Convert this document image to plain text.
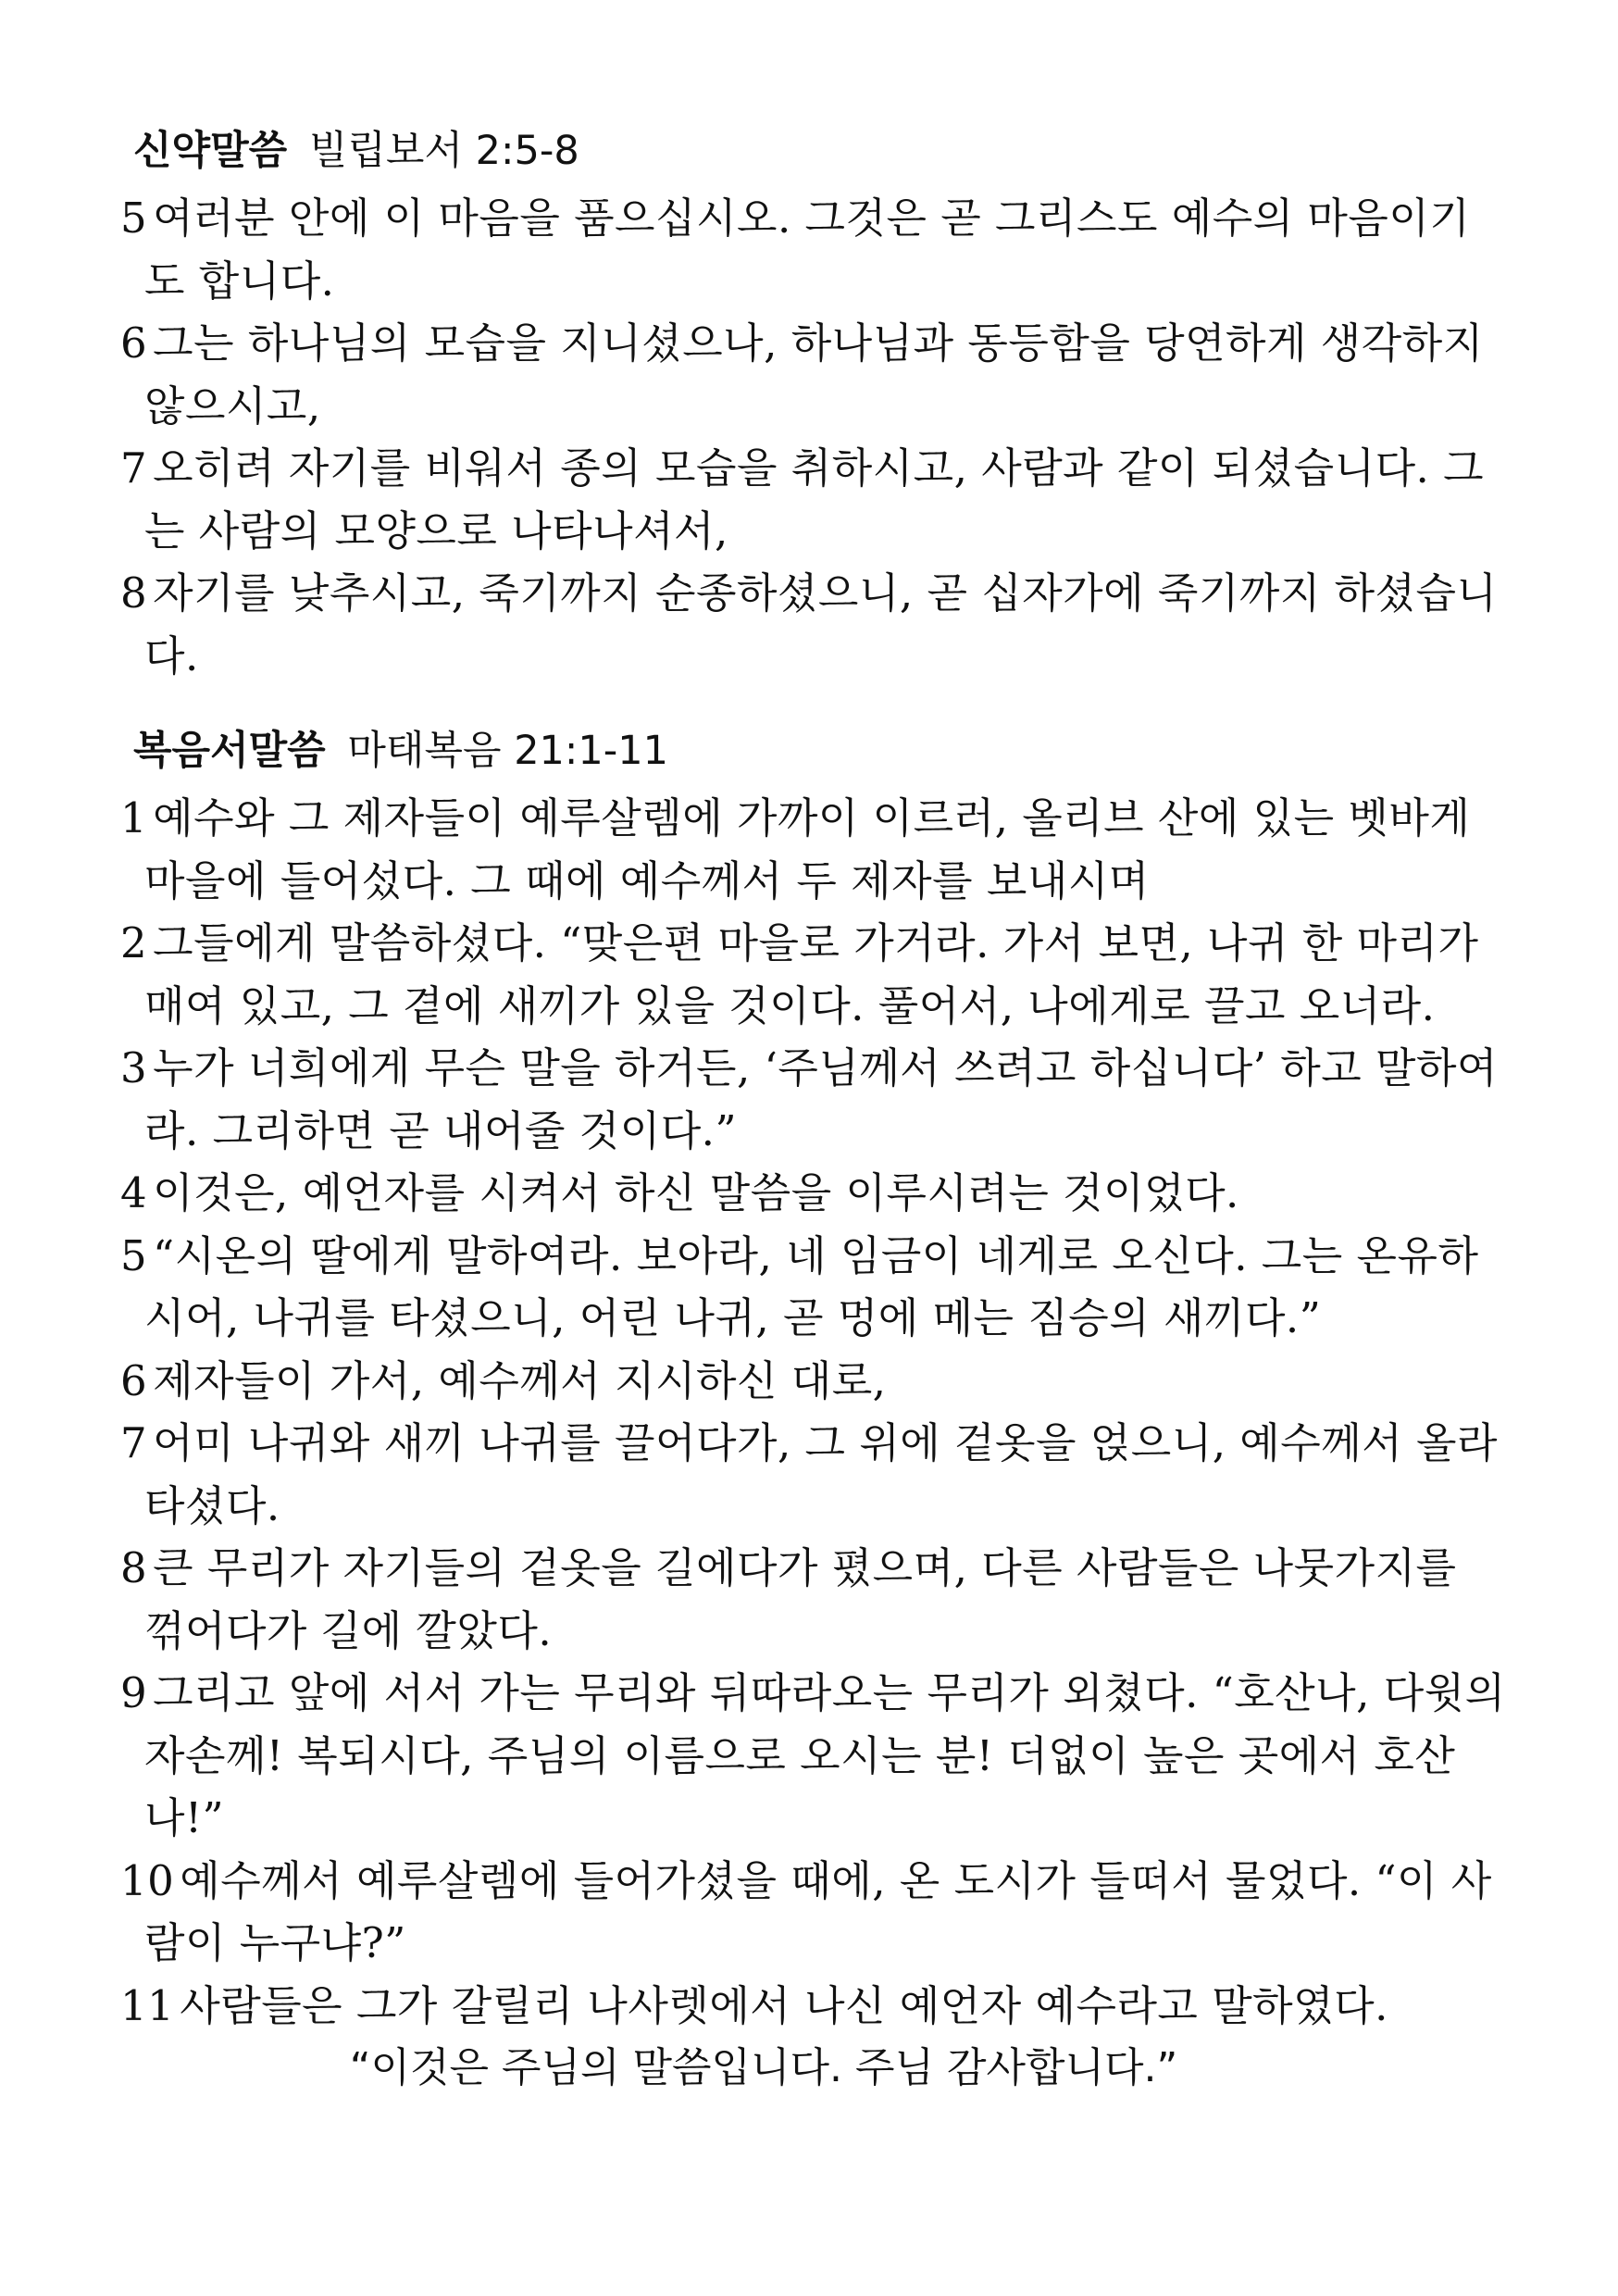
신약말씀 빌립보서 2:5-8

5 여러분 안에 이 마음을 품으십시오. 그것은 곧 그리스도 예수의 마음이기도 합니다.

6 그는 하나님의 모습을 지니셨으나, 하나님과 동등함을 당연하게 생각하지 않으시고,

7 오히려 자기를 비워서 종의 모습을 취하시고, 사람과 같이 되셨습니다. 그는 사람의 모양으로 나타나셔서,

8 자기를 낮추시고, 죽기까지 순종하셨으니, 곧 십자가에 죽기까지 하셨습니다.

복음서말씀 마태복음 21:1-11

1 예수와 그 제자들이 예루살렘에 가까이 이르러, 올리브 산에 있는 벳바게 마을에 들어섰다. 그 때에 예수께서 두 제자를 보내시며

2 그들에게 말씀하셨다. “맞은편 마을로 가거라. 가서 보면, 나귀 한 마리가 매여 있고, 그 곁에 새끼가 있을 것이다. 풀어서, 나에게로 끌고 오너라.

3 누가 너희에게 무슨 말을 하거든, ‘주님께서 쓰려고 하십니다’ 하고 말하여라. 그리하면 곧 내어줄 것이다.”

4 이것은, 예언자를 시켜서 하신 말씀을 이루시려는 것이었다.

5 “시온의 딸에게 말하여라. 보아라, 네 임금이 네게로 오신다. 그는 온유하시어, 나귀를 타셨으니, 어린 나귀, 곧 멍에 메는 짐승의 새끼다.”

6 제자들이 가서, 예수께서 지시하신 대로,

7 어미 나귀와 새끼 나귀를 끌어다가, 그 위에 겉옷을 얹으니, 예수께서 올라타셨다.

8 큰 무리가 자기들의 겉옷을 길에다가 폈으며, 다른 사람들은 나뭇가지를 꺾어다가 길에 깔았다.

9 그리고 앞에 서서 가는 무리와 뒤따라오는 무리가 외쳤다. “호산나, 다윗의 자손께! 복되시다, 주님의 이름으로 오시는 분! 더없이 높은 곳에서 호산나!”

10 예수께서 예루살렘에 들어가셨을 때에, 온 도시가 들떠서 물었다. “이 사람이 누구냐?”

11 사람들은 그가 갈릴리 나사렛에서 나신 예언자 예수라고 말하였다.

“이것은 주님의 말씀입니다. 주님 감사합니다.”
